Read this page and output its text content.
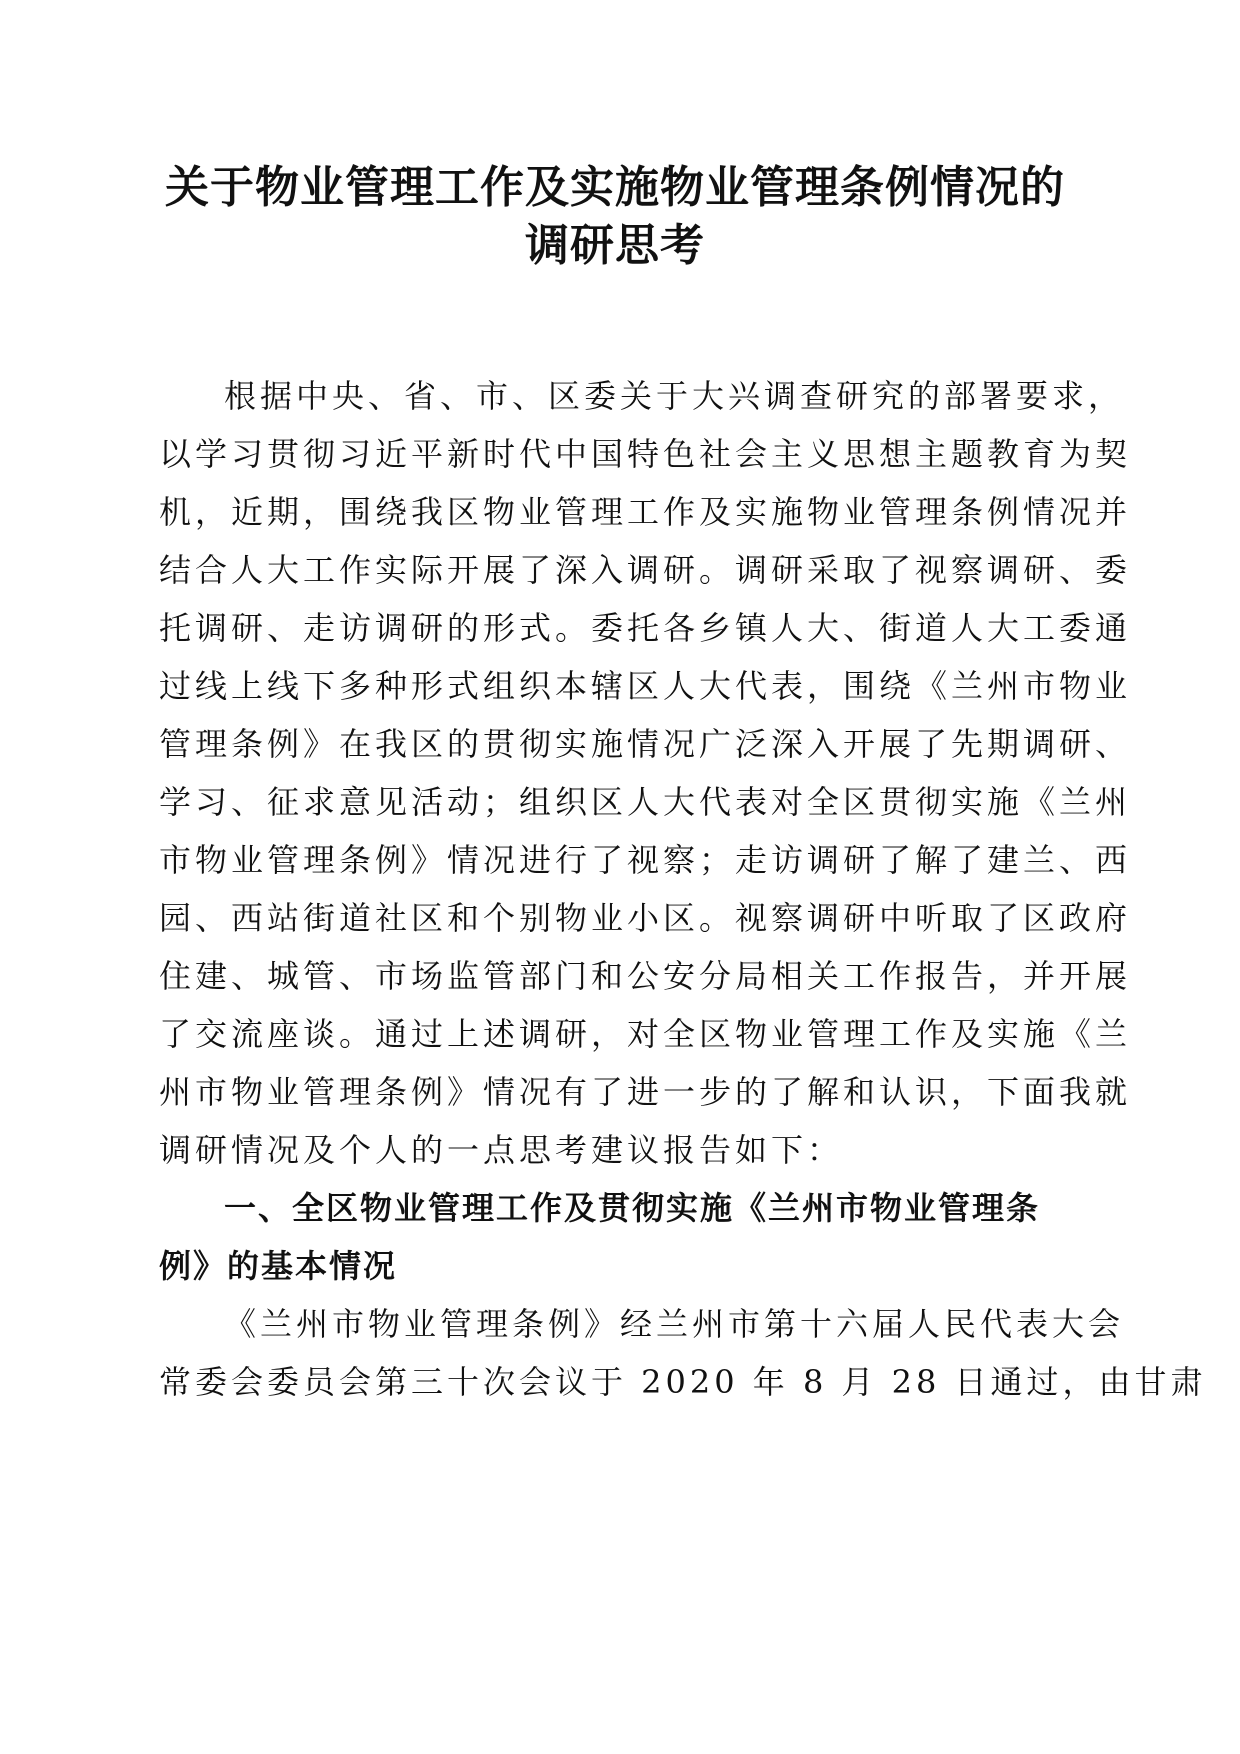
关于物业管理工作及实施物业管理条例情况的
调研思考
根据中央、省、市、区委关于大兴调查研究的部署要求，
以学习贯彻习近平新时代中国特色社会主义思想主题教育为契
机，近期，围绕我区物业管理工作及实施物业管理条例情况并
结合人大工作实际开展了深入调研。调研采取了视察调研、委
托调研、走访调研的形式。委托各乡镇人大、街道人大工委通
过线上线下多种形式组织本辖区人大代表，围绕《兰州市物业
管理条例》在我区的贯彻实施情况广泛深入开展了先期调研、
学习、征求意见活动；组织区人大代表对全区贯彻实施《兰州
市物业管理条例》情况进行了视察；走访调研了解了建兰、西
园、西站街道社区和个别物业小区。视察调研中听取了区政府
住建、城管、市场监管部门和公安分局相关工作报告，并开展
了交流座谈。通过上述调研，对全区物业管理工作及实施《兰
州市物业管理条例》情况有了进一步的了解和认识，下面我就
调研情况及个人的一点思考建议报告如下：
一、全区物业管理工作及贯彻实施《兰州市物业管理条
例》的基本情况
《兰州市物业管理条例》经兰州市第十六届人民代表大会
常委会委员会第三十次会议于 2020 年 8 月 28 日通过，由甘肃
